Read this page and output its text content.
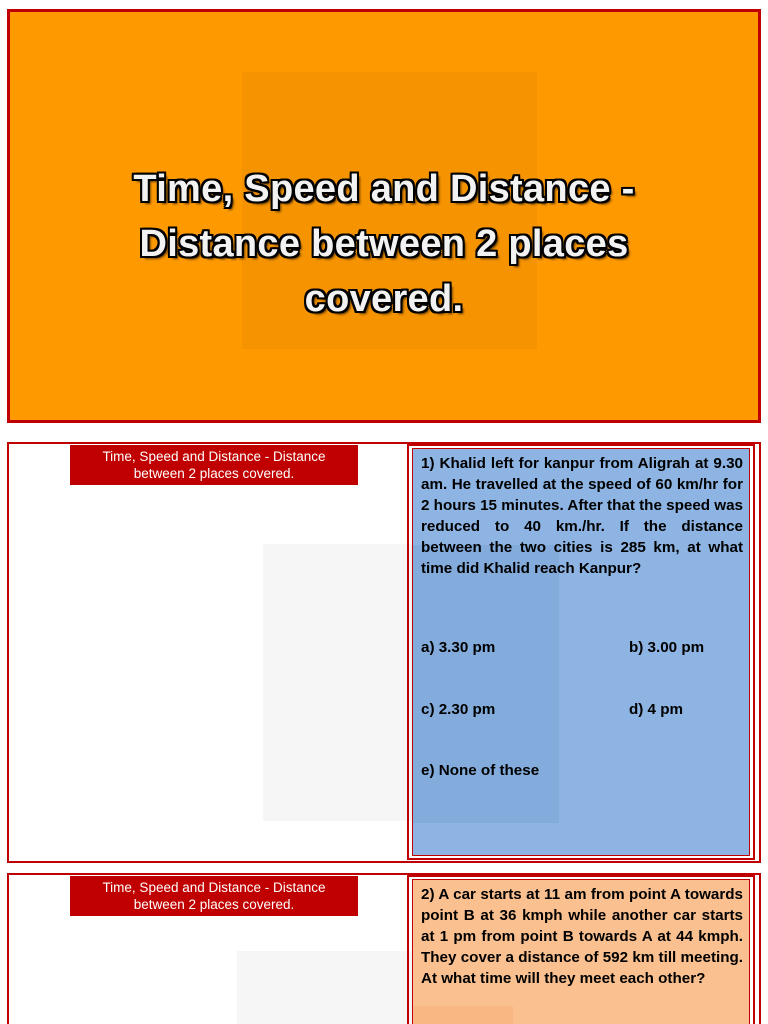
Time, Speed and Distance -
Distance between 2 places
covered.
Time, Speed and Distance - Distance
between 2 places covered.
1) Khalid left for kanpur from Aligrah at 9.30 am. He travelled at the speed of 60 km/hr for 2 hours 15 minutes. After that the speed was reduced to 40 km./hr. If the distance between the two cities is 285 km, at what time did Khalid reach Kanpur?
a) 3.30 pm	b) 3.00 pm
c) 2.30 pm	d) 4 pm
e) None of these
Time, Speed and Distance - Distance
between 2 places covered.
2) A car starts at 11 am from point A towards point B at 36 kmph while another car starts at 1 pm from point B towards A at 44 kmph. They cover a distance of 592 km till meeting. At what time will they meet each other?
